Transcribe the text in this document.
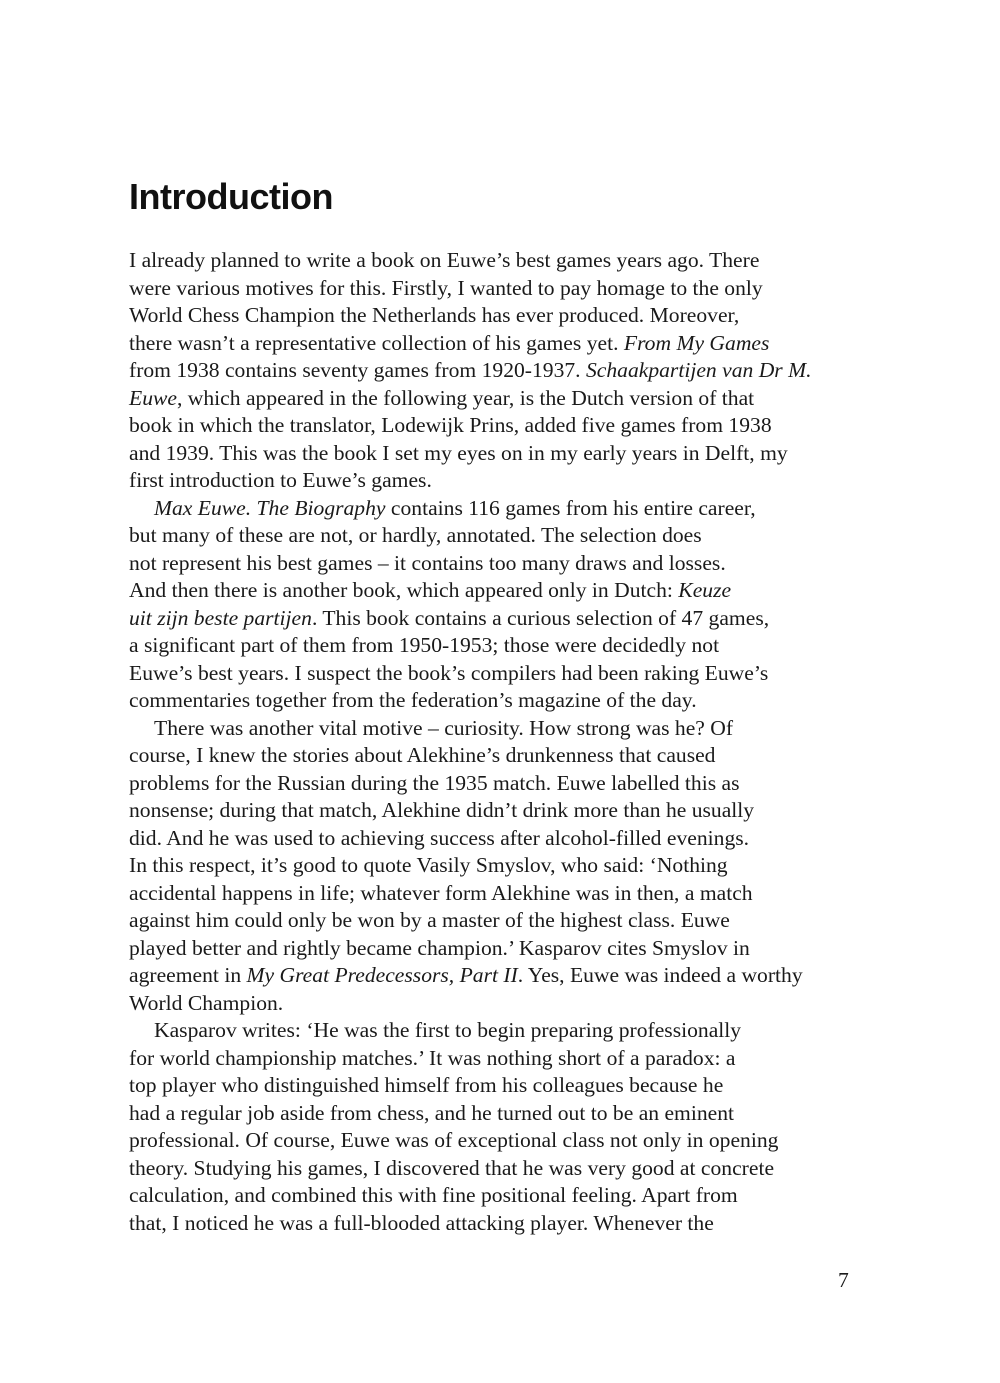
Introduction
I already planned to write a book on Euwe’s best games years ago. There
were various motives for this. Firstly, I wanted to pay homage to the only
World Chess Champion the Netherlands has ever produced. Moreover,
there wasn’t a representative collection of his games yet. From My Games
from 1938 contains seventy games from 1920-1937. Schaakpartijen van Dr M.
Euwe, which appeared in the following year, is the Dutch version of that
book in which the translator, Lodewijk Prins, added five games from 1938
and 1939. This was the book I set my eyes on in my early years in Delft, my
first introduction to Euwe’s games.
Max Euwe. The Biography contains 116 games from his entire career,
but many of these are not, or hardly, annotated. The selection does
not represent his best games – it contains too many draws and losses.
And then there is another book, which appeared only in Dutch: Keuze
uit zijn beste partijen. This book contains a curious selection of 47 games,
a significant part of them from 1950-1953; those were decidedly not
Euwe’s best years. I suspect the book’s compilers had been raking Euwe’s
commentaries together from the federation’s magazine of the day.
There was another vital motive – curiosity. How strong was he? Of
course, I knew the stories about Alekhine’s drunkenness that caused
problems for the Russian during the 1935 match. Euwe labelled this as
nonsense; during that match, Alekhine didn’t drink more than he usually
did. And he was used to achieving success after alcohol-filled evenings.
In this respect, it’s good to quote Vasily Smyslov, who said: ‘Nothing
accidental happens in life; whatever form Alekhine was in then, a match
against him could only be won by a master of the highest class. Euwe
played better and rightly became champion.’ Kasparov cites Smyslov in
agreement in My Great Predecessors, Part II. Yes, Euwe was indeed a worthy
World Champion.
Kasparov writes: ‘He was the first to begin preparing professionally
for world championship matches.’ It was nothing short of a paradox: a
top player who distinguished himself from his colleagues because he
had a regular job aside from chess, and he turned out to be an eminent
professional. Of course, Euwe was of exceptional class not only in opening
theory. Studying his games, I discovered that he was very good at concrete
calculation, and combined this with fine positional feeling. Apart from
that, I noticed he was a full-blooded attacking player. Whenever the
7
